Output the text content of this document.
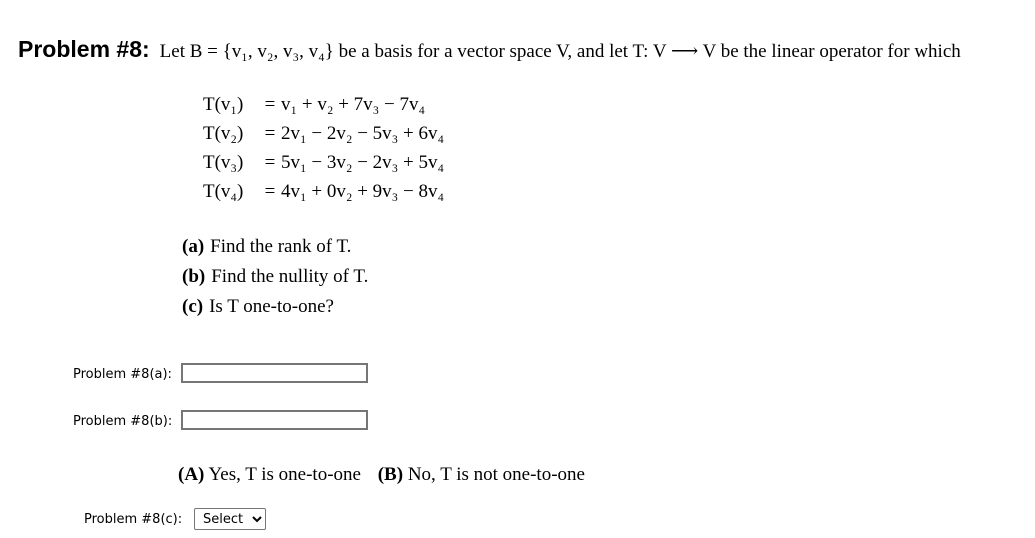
Problem #8: Let B = {v₁, v₂, v₃, v₄} be a basis for a vector space V, and let T: V ⟶ V be the linear operator for which
T(v₁)	= v₁ + v₂ + 7v₃ − 7v₄
T(v₂)	= 2v₁ − 2v₂ − 5v₃ + 6v₄
T(v₃)	= 5v₁ − 3v₂ − 2v₃ + 5v₄
T(v₄)	= 4v₁ + 0v₂ + 9v₃ − 8v₄
(a) Find the rank of T.
(b) Find the nullity of T.
(c) Is T one-to-one?
Problem #8(a):
Problem #8(b):
(A) Yes, T is one-to-one (B) No, T is not one-to-one
Problem #8(c):
Select
